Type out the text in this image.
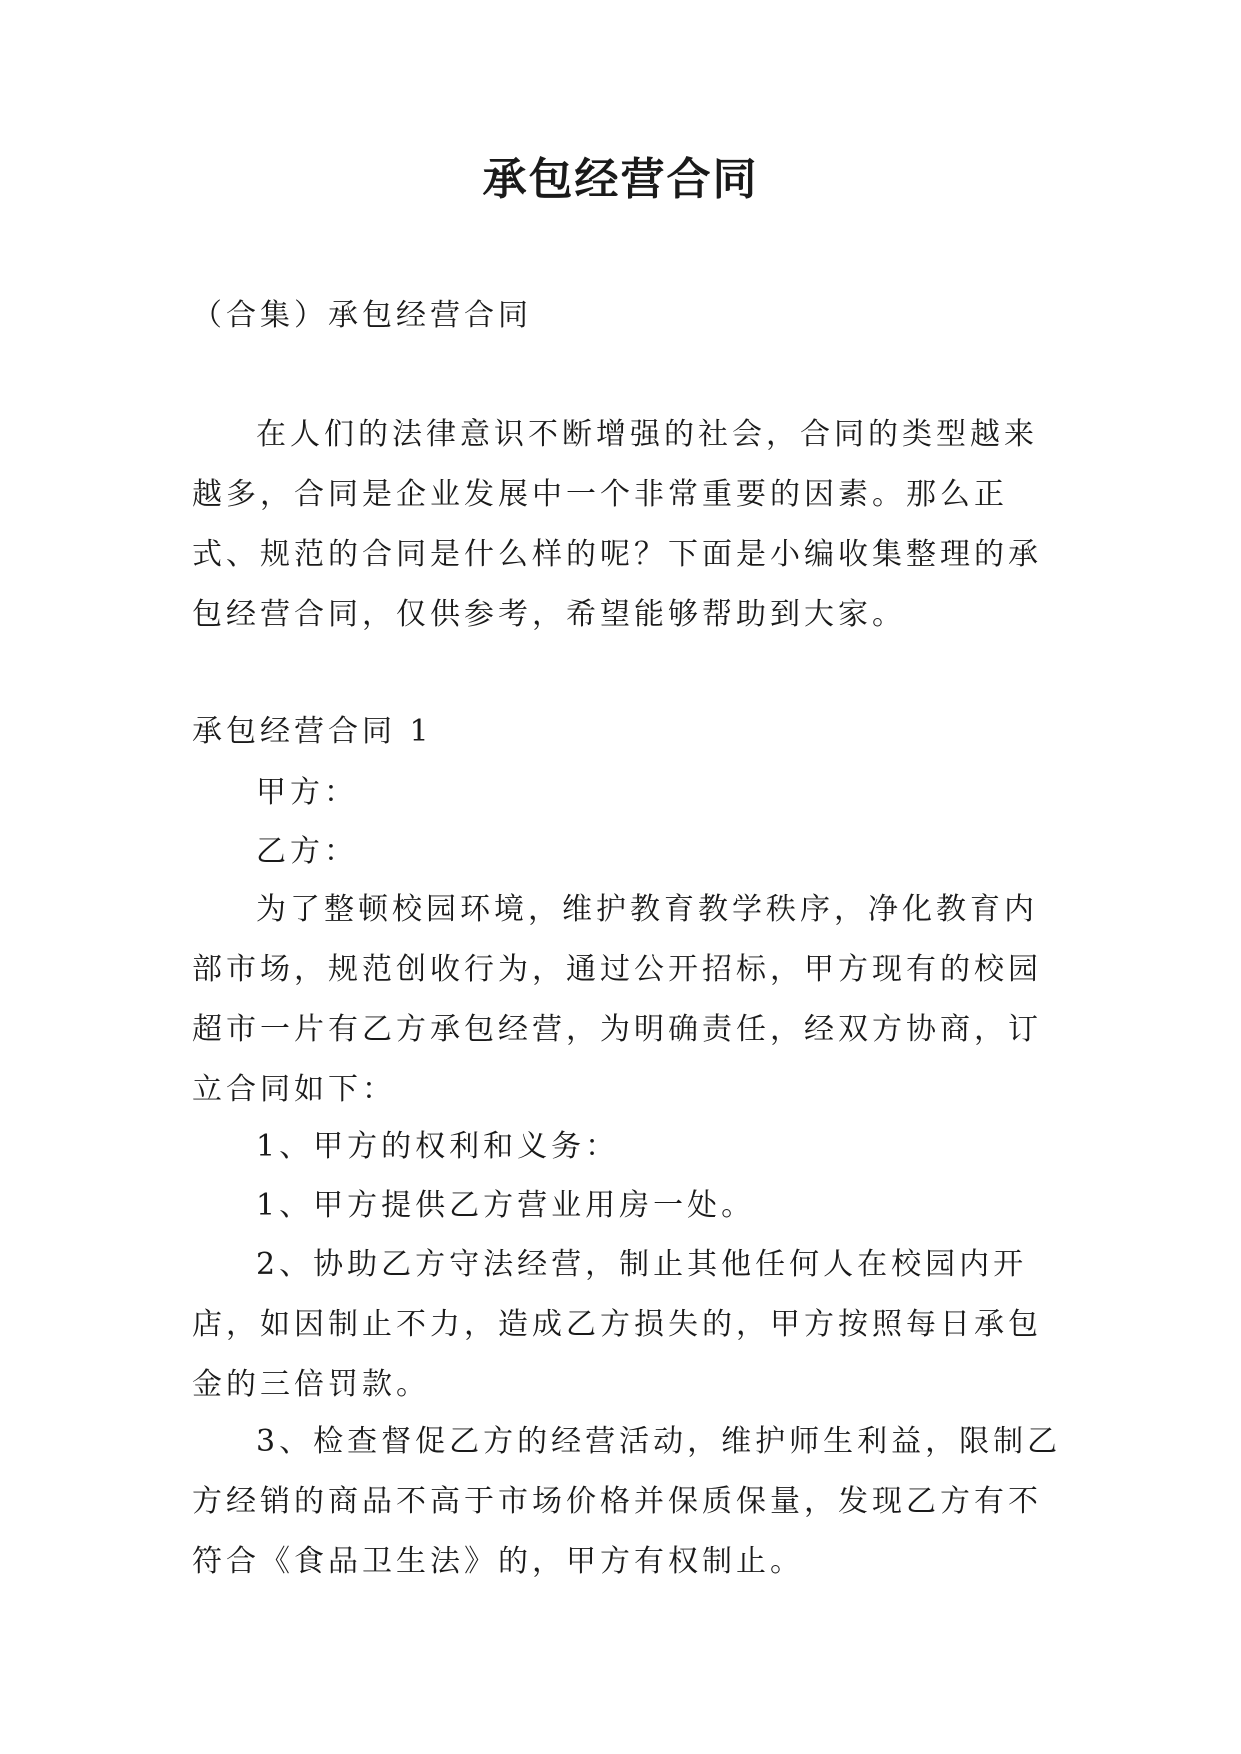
承包经营合同

（合集）承包经营合同

在人们的法律意识不断增强的社会，合同的类型越来越多，合同是企业发展中一个非常重要的因素。那么正式、规范的合同是什么样的呢？下面是小编收集整理的承包经营合同，仅供参考，希望能够帮助到大家。

承包经营合同 1

甲方：

乙方：

为了整顿校园环境，维护教育教学秩序，净化教育内部市场，规范创收行为，通过公开招标，甲方现有的校园超市一片有乙方承包经营，为明确责任，经双方协商，订立合同如下：

1、甲方的权利和义务：

1、甲方提供乙方营业用房一处。

2、协助乙方守法经营，制止其他任何人在校园内开店，如因制止不力，造成乙方损失的，甲方按照每日承包金的三倍罚款。

3、检查督促乙方的经营活动，维护师生利益，限制乙方经销的商品不高于市场价格并保质保量，发现乙方有不符合《食品卫生法》的，甲方有权制止。
